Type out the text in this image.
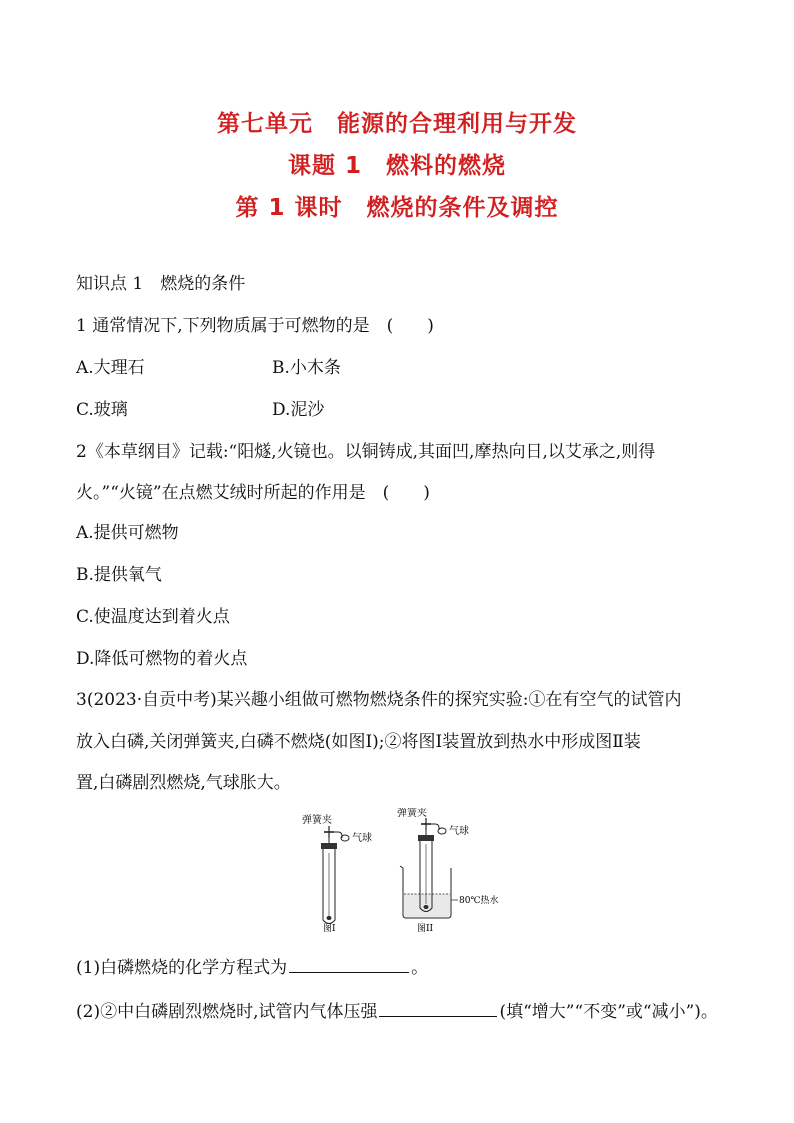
第七单元　能源的合理利用与开发
课题 1　燃料的燃烧
第 1 课时　燃烧的条件及调控
知识点 1　燃烧的条件
1 通常情况下,下列物质属于可燃物的是　(　　)
A.大理石	B.小木条
C.玻璃	D.泥沙
2《本草纲目》记载:“阳燧,火镜也。以铜铸成,其面凹,摩热向日,以艾承之,则得
火。”“火镜”在点燃艾绒时所起的作用是　(　　)
A.提供可燃物
B.提供氧气
C.使温度达到着火点
D.降低可燃物的着火点
3(2023·自贡中考)某兴趣小组做可燃物燃烧条件的探究实验:①在有空气的试管内
放入白磷,关闭弹簧夹,白磷不燃烧(如图Ⅰ);②将图Ⅰ装置放到热水中形成图Ⅱ装
置,白磷剧烈燃烧,气球胀大。
弹簧夹
气球
图I
弹簧夹
气球
80℃热水
图II
(1)白磷燃烧的化学方程式为	。
(2)②中白磷剧烈燃烧时,试管内气体压强	(填“增大”“不变”或“减小”)。
